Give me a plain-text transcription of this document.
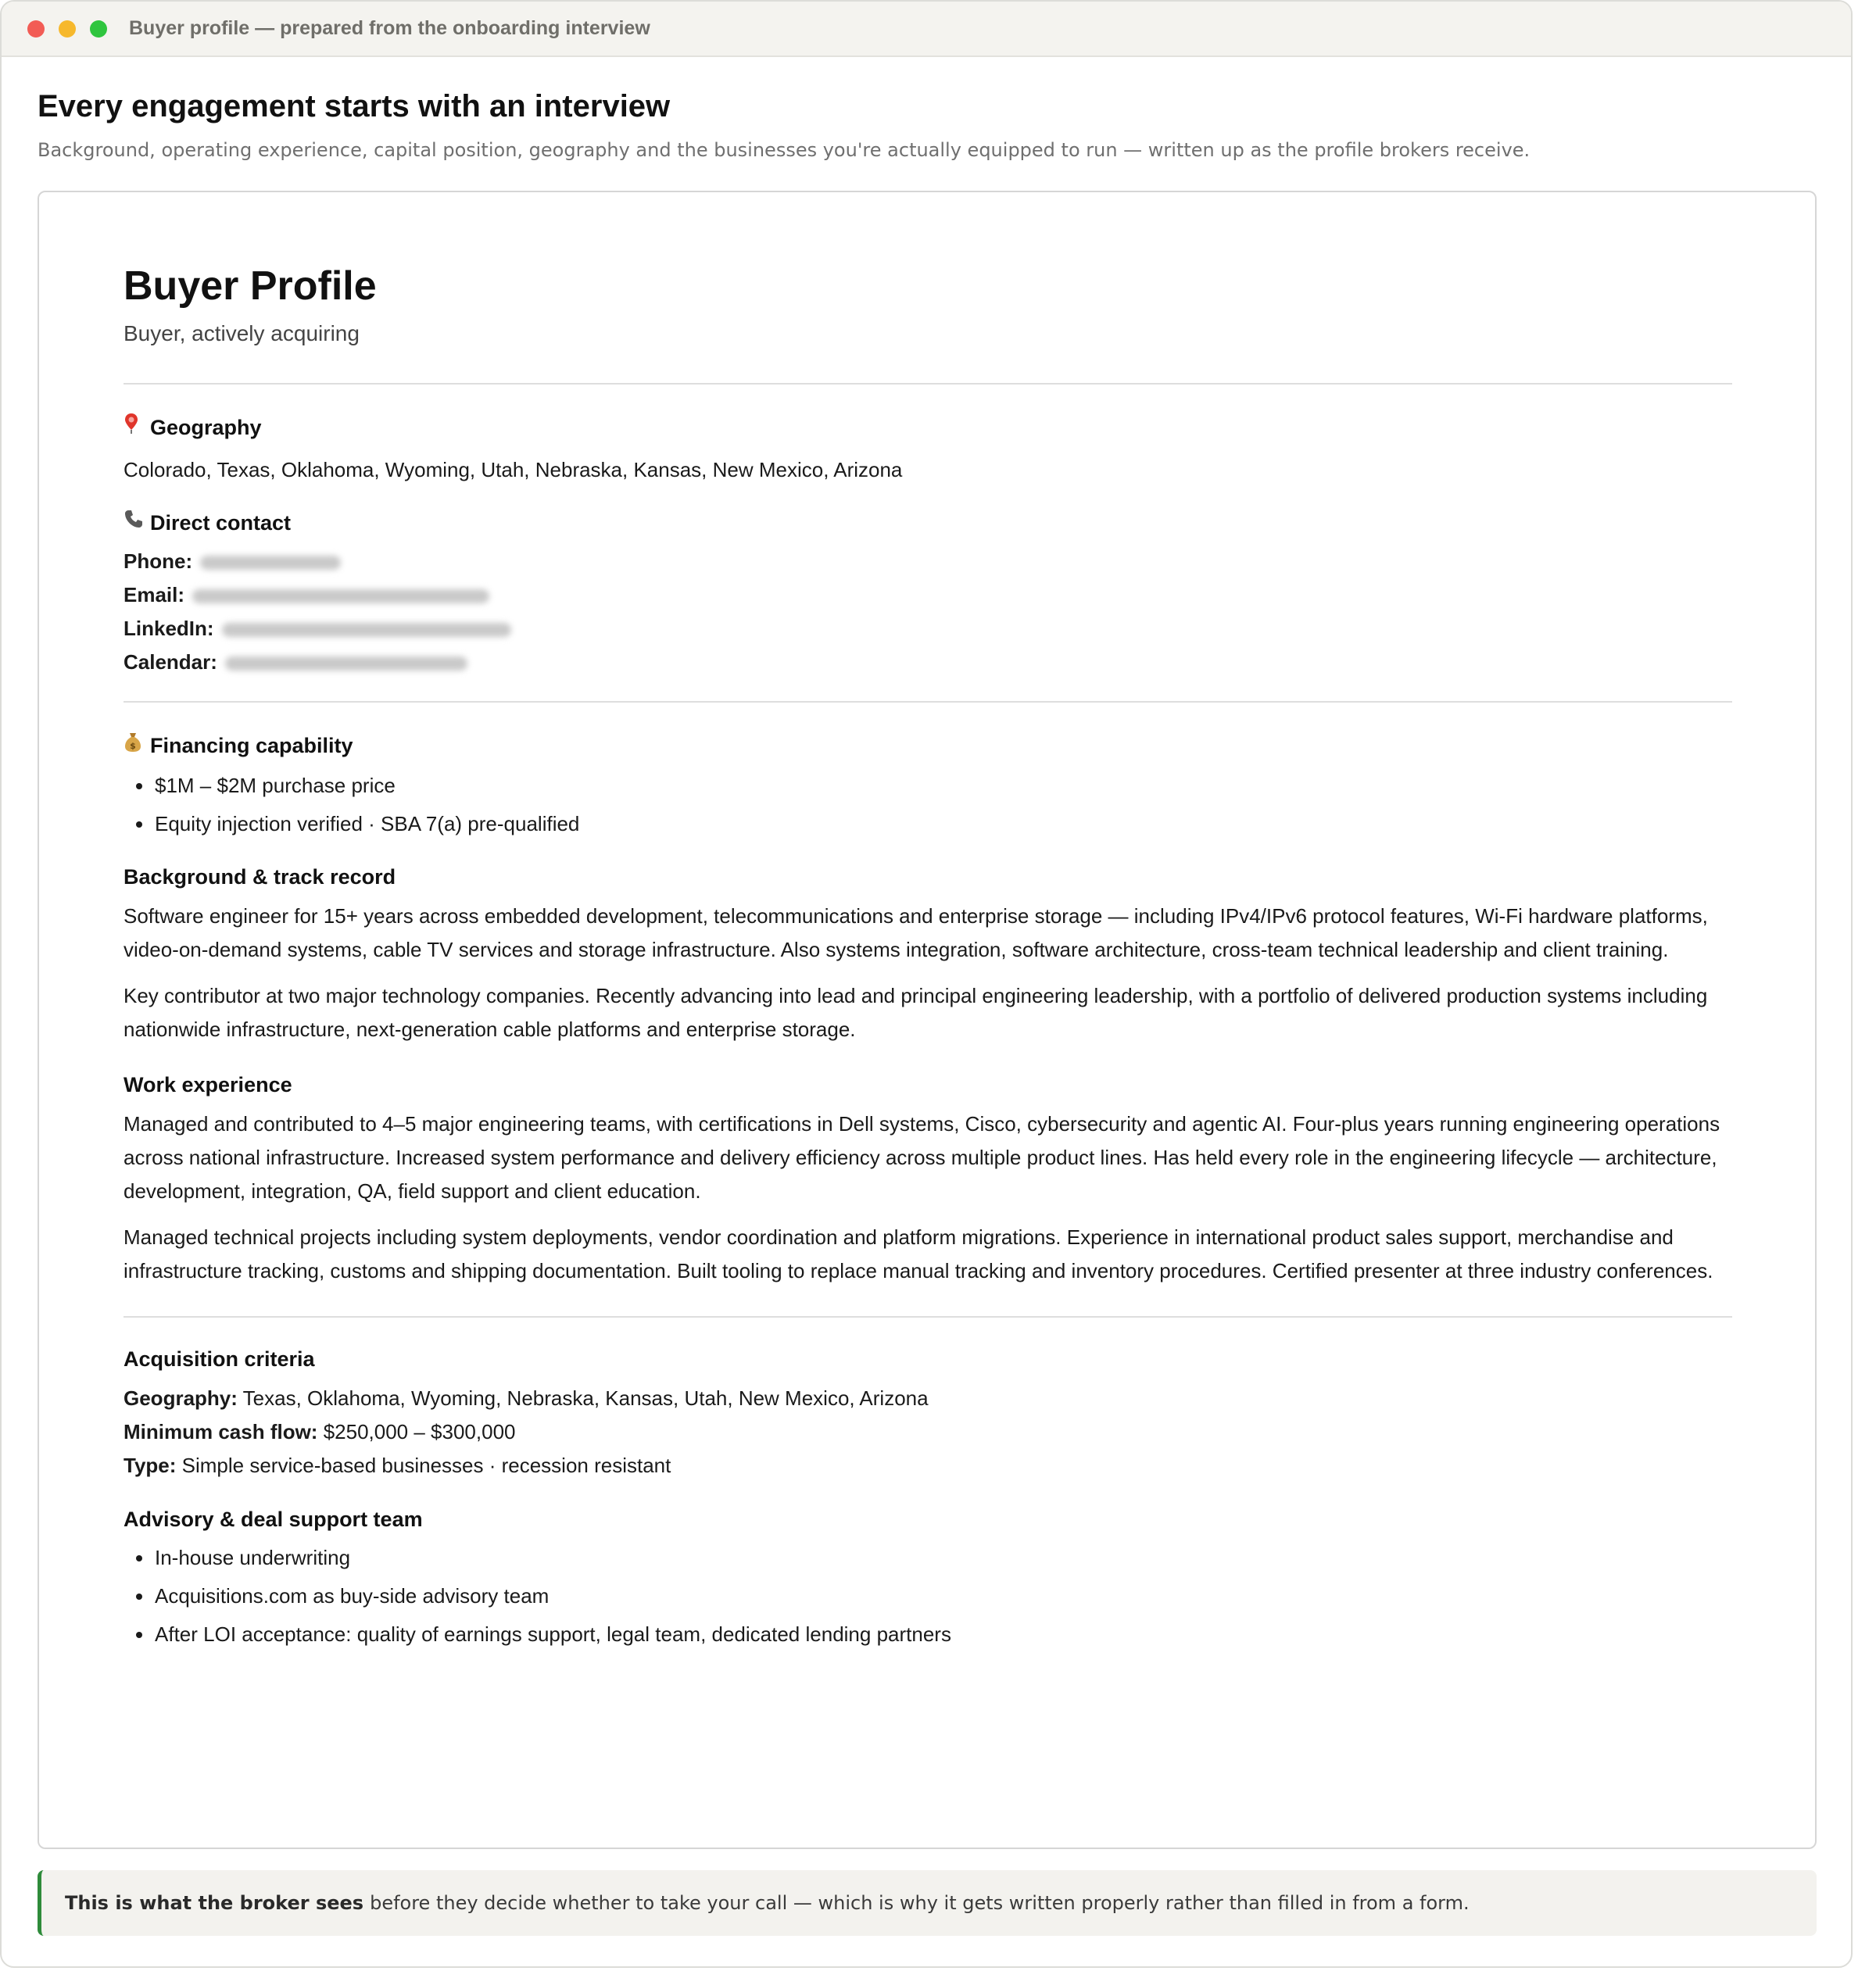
Buyer profile — prepared from the onboarding interview
Every engagement starts with an interview
Background, operating experience, capital position, geography and the businesses you're actually equipped to run — written up as the profile brokers receive.
Buyer Profile
Buyer, actively acquiring
Geography
Colorado, Texas, Oklahoma, Wyoming, Utah, Nebraska, Kansas, New Mexico, Arizona
Direct contact
Phone:
Email:
LinkedIn:
Calendar:
$ Financing capability
$1M – $2M purchase price
Equity injection verified · SBA 7(a) pre-qualified
Background & track record
Software engineer for 15+ years across embedded development, telecommunications and enterprise storage — including IPv4/IPv6 protocol features, Wi-Fi hardware platforms, video-on-demand systems, cable TV services and storage infrastructure. Also systems integration, software architecture, cross-team technical leadership and client training.
Key contributor at two major technology companies. Recently advancing into lead and principal engineering leadership, with a portfolio of delivered production systems including nationwide infrastructure, next-generation cable platforms and enterprise storage.
Work experience
Managed and contributed to 4–5 major engineering teams, with certifications in Dell systems, Cisco, cybersecurity and agentic AI. Four-plus years running engineering operations across national infrastructure. Increased system performance and delivery efficiency across multiple product lines. Has held every role in the engineering lifecycle — architecture, development, integration, QA, field support and client education.
Managed technical projects including system deployments, vendor coordination and platform migrations. Experience in international product sales support, merchandise and infrastructure tracking, customs and shipping documentation. Built tooling to replace manual tracking and inventory procedures. Certified presenter at three industry conferences.
Acquisition criteria
Geography: Texas, Oklahoma, Wyoming, Nebraska, Kansas, Utah, New Mexico, Arizona
Minimum cash flow: $250,000 – $300,000
Type: Simple service-based businesses · recession resistant
Advisory & deal support team
In-house underwriting
Acquisitions.com as buy-side advisory team
After LOI acceptance: quality of earnings support, legal team, dedicated lending partners
This is what the broker sees before they decide whether to take your call — which is why it gets written properly rather than filled in from a form.
